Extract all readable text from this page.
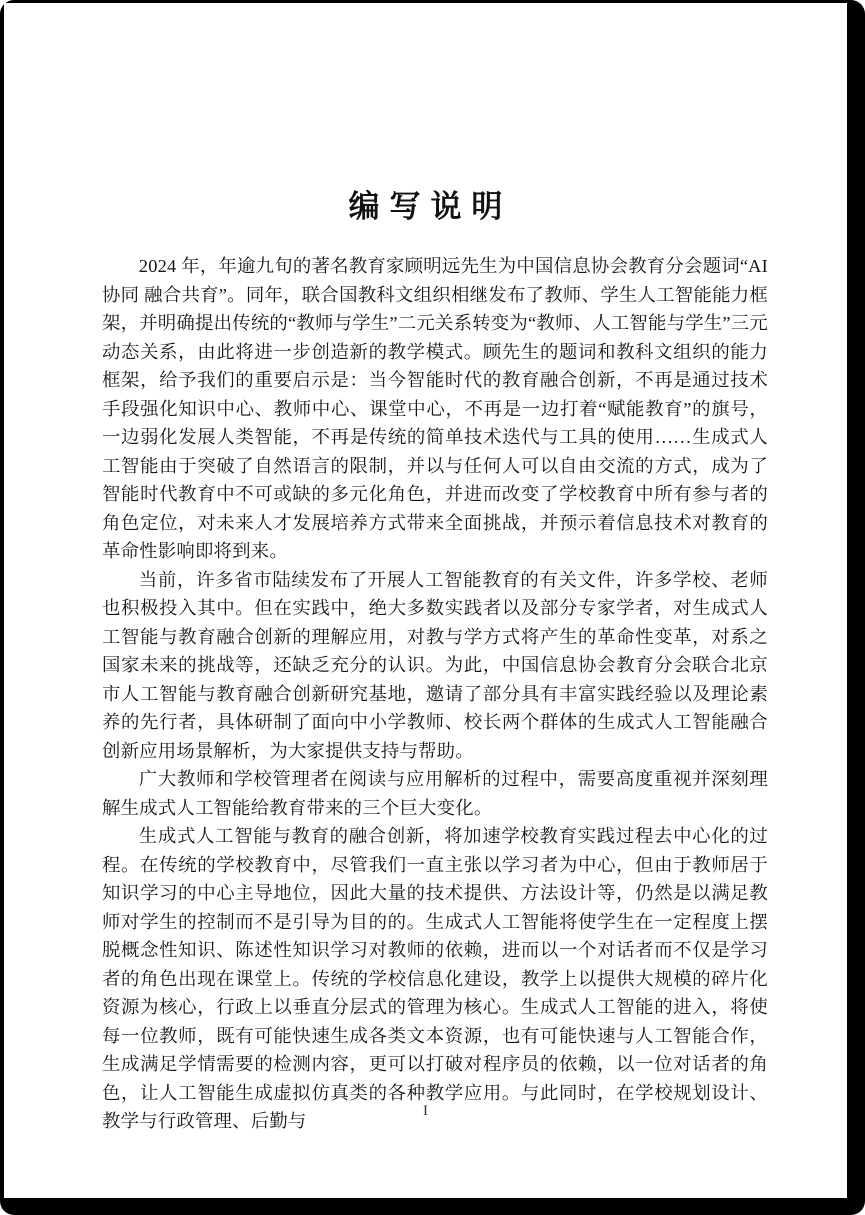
编写说明

2024 年，年逾九旬的著名教育家顾明远先生为中国信息协会教育分会题词“AI协同 融合共育”。同年，联合国教科文组织相继发布了教师、学生人工智能能力框架，并明确提出传统的“教师与学生”二元关系转变为“教师、人工智能与学生”三元动态关系，由此将进一步创造新的教学模式。顾先生的题词和教科文组织的能力框架，给予我们的重要启示是：当今智能时代的教育融合创新，不再是通过技术手段强化知识中心、教师中心、课堂中心，不再是一边打着“赋能教育”的旗号，一边弱化发展人类智能，不再是传统的简单技术迭代与工具的使用……生成式人工智能由于突破了自然语言的限制，并以与任何人可以自由交流的方式，成为了智能时代教育中不可或缺的多元化角色，并进而改变了学校教育中所有参与者的角色定位，对未来人才发展培养方式带来全面挑战，并预示着信息技术对教育的革命性影响即将到来。

当前，许多省市陆续发布了开展人工智能教育的有关文件，许多学校、老师也积极投入其中。但在实践中，绝大多数实践者以及部分专家学者，对生成式人工智能与教育融合创新的理解应用，对教与学方式将产生的革命性变革，对系之国家未来的挑战等，还缺乏充分的认识。为此，中国信息协会教育分会联合北京市人工智能与教育融合创新研究基地，邀请了部分具有丰富实践经验以及理论素养的先行者，具体研制了面向中小学教师、校长两个群体的生成式人工智能融合创新应用场景解析，为大家提供支持与帮助。

广大教师和学校管理者在阅读与应用解析的过程中，需要高度重视并深刻理解生成式人工智能给教育带来的三个巨大变化。

生成式人工智能与教育的融合创新，将加速学校教育实践过程去中心化的过程。在传统的学校教育中，尽管我们一直主张以学习者为中心，但由于教师居于知识学习的中心主导地位，因此大量的技术提供、方法设计等，仍然是以满足教师对学生的控制而不是引导为目的的。生成式人工智能将使学生在一定程度上摆脱概念性知识、陈述性知识学习对教师的依赖，进而以一个对话者而不仅是学习者的角色出现在课堂上。传统的学校信息化建设，教学上以提供大规模的碎片化资源为核心，行政上以垂直分层式的管理为核心。生成式人工智能的进入，将使每一位教师，既有可能快速生成各类文本资源，也有可能快速与人工智能合作，生成满足学情需要的检测内容，更可以打破对程序员的依赖，以一位对话者的角色，让人工智能生成虚拟仿真类的各种教学应用。与此同时，在学校规划设计、教学与行政管理、后勤与	I
